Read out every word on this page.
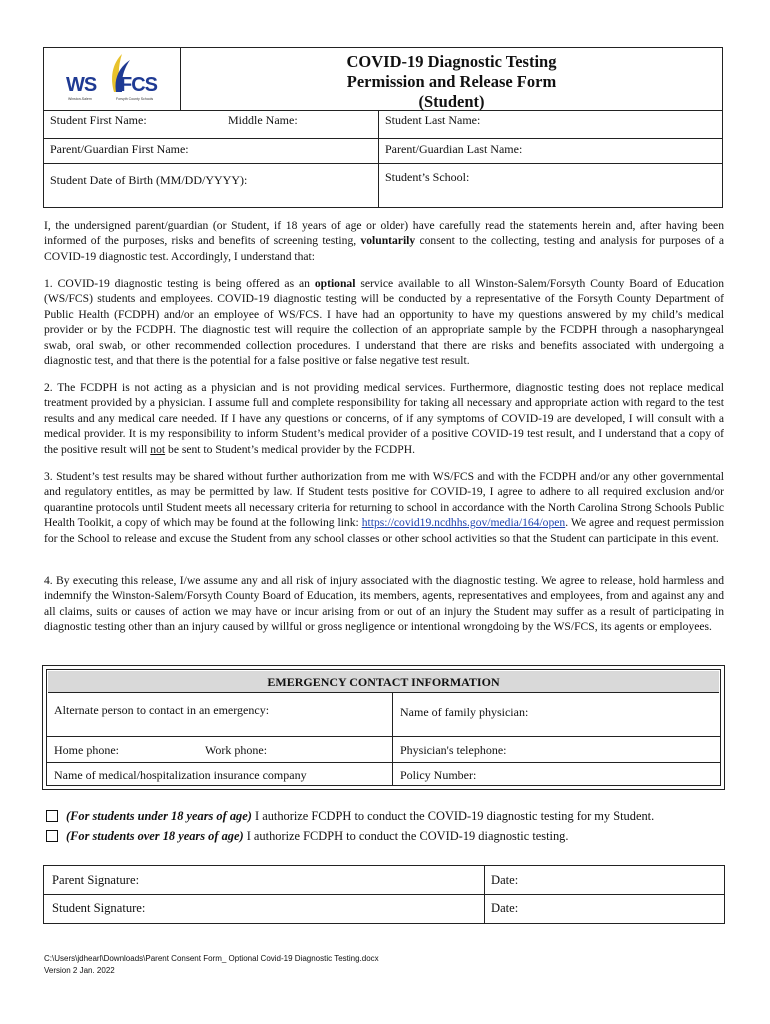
WS FCS
Winston-Salem	Forsyth County Schools
COVID-19 Diagnostic Testing
Permission and Release Form
(Student)
Student First Name:	Middle Name:	Student Last Name:
Parent/Guardian First Name:	Parent/Guardian Last Name:
Student Date of Birth (MM/DD/YYYY):	Student’s School:
I, the undersigned parent/guardian (or Student, if 18 years of age or older) have carefully read the statements herein and, after having been informed of the purposes, risks and benefits of screening testing, voluntarily consent to the collecting, testing and analysis for purposes of a COVID-19 diagnostic test. Accordingly, I understand that:
1. COVID-19 diagnostic testing is being offered as an optional service available to all Winston-Salem/Forsyth County Board of Education (WS/FCS) students and employees. COVID-19 diagnostic testing will be conducted by a representative of the Forsyth County Department of Public Health (FCDPH) and/or an employee of WS/FCS. I have had an opportunity to have my questions answered by my child’s medical provider or by the FCDPH. The diagnostic test will require the collection of an appropriate sample by the FCDPH through a nasopharyngeal swab, oral swab, or other recommended collection procedures. I understand that there are risks and benefits associated with undergoing a diagnostic test, and that there is the potential for a false positive or false negative test result.
2. The FCDPH is not acting as a physician and is not providing medical services. Furthermore, diagnostic testing does not replace medical treatment provided by a physician. I assume full and complete responsibility for taking all necessary and appropriate action with regard to the test results and any medical care needed. If I have any questions or concerns, of if any symptoms of COVID-19 are developed, I will consult with a medical provider. It is my responsibility to inform Student’s medical provider of a positive COVID-19 test result, and I understand that a copy of the positive result will not be sent to Student’s medical provider by the FCDPH.
3. Student’s test results may be shared without further authorization from me with WS/FCS and with the FCDPH and/or any other governmental and regulatory entitles, as may be permitted by law. If Student tests positive for COVID-19, I agree to adhere to all required exclusion and/or quarantine protocols until Student meets all necessary criteria for returning to school in accordance with the North Carolina Strong Schools Public Health Toolkit, a copy of which may be found at the following link: https://covid19.ncdhhs.gov/media/164/open. We agree and request permission for the School to release and excuse the Student from any school classes or other school activities so that the Student can participate in this event.
4. By executing this release, I/we assume any and all risk of injury associated with the diagnostic testing. We agree to release, hold harmless and indemnify the Winston-Salem/Forsyth County Board of Education, its members, agents, representatives and employees, from and against any and all claims, suits or causes of action we may have or incur arising from or out of an injury the Student may suffer as a result of participating in diagnostic testing other than an injury caused by willful or gross negligence or intentional wrongdoing by the WS/FCS, its agents or employees.
EMERGENCY CONTACT INFORMATION
Alternate person to contact in an emergency:	Name of family physician:
Home phone:	Work phone:	Physician's telephone:
Name of medical/hospitalization insurance company	Policy Number:
(For students under 18 years of age) I authorize FCDPH to conduct the COVID-19 diagnostic testing for my Student.
(For students over 18 years of age) I authorize FCDPH to conduct the COVID-19 diagnostic testing.
Parent Signature:	Date:
Student Signature:	Date:
C:\Users\jdhearl\Downloads\Parent Consent Form_ Optional Covid-19 Diagnostic Testing.docx
Version 2 Jan. 2022
